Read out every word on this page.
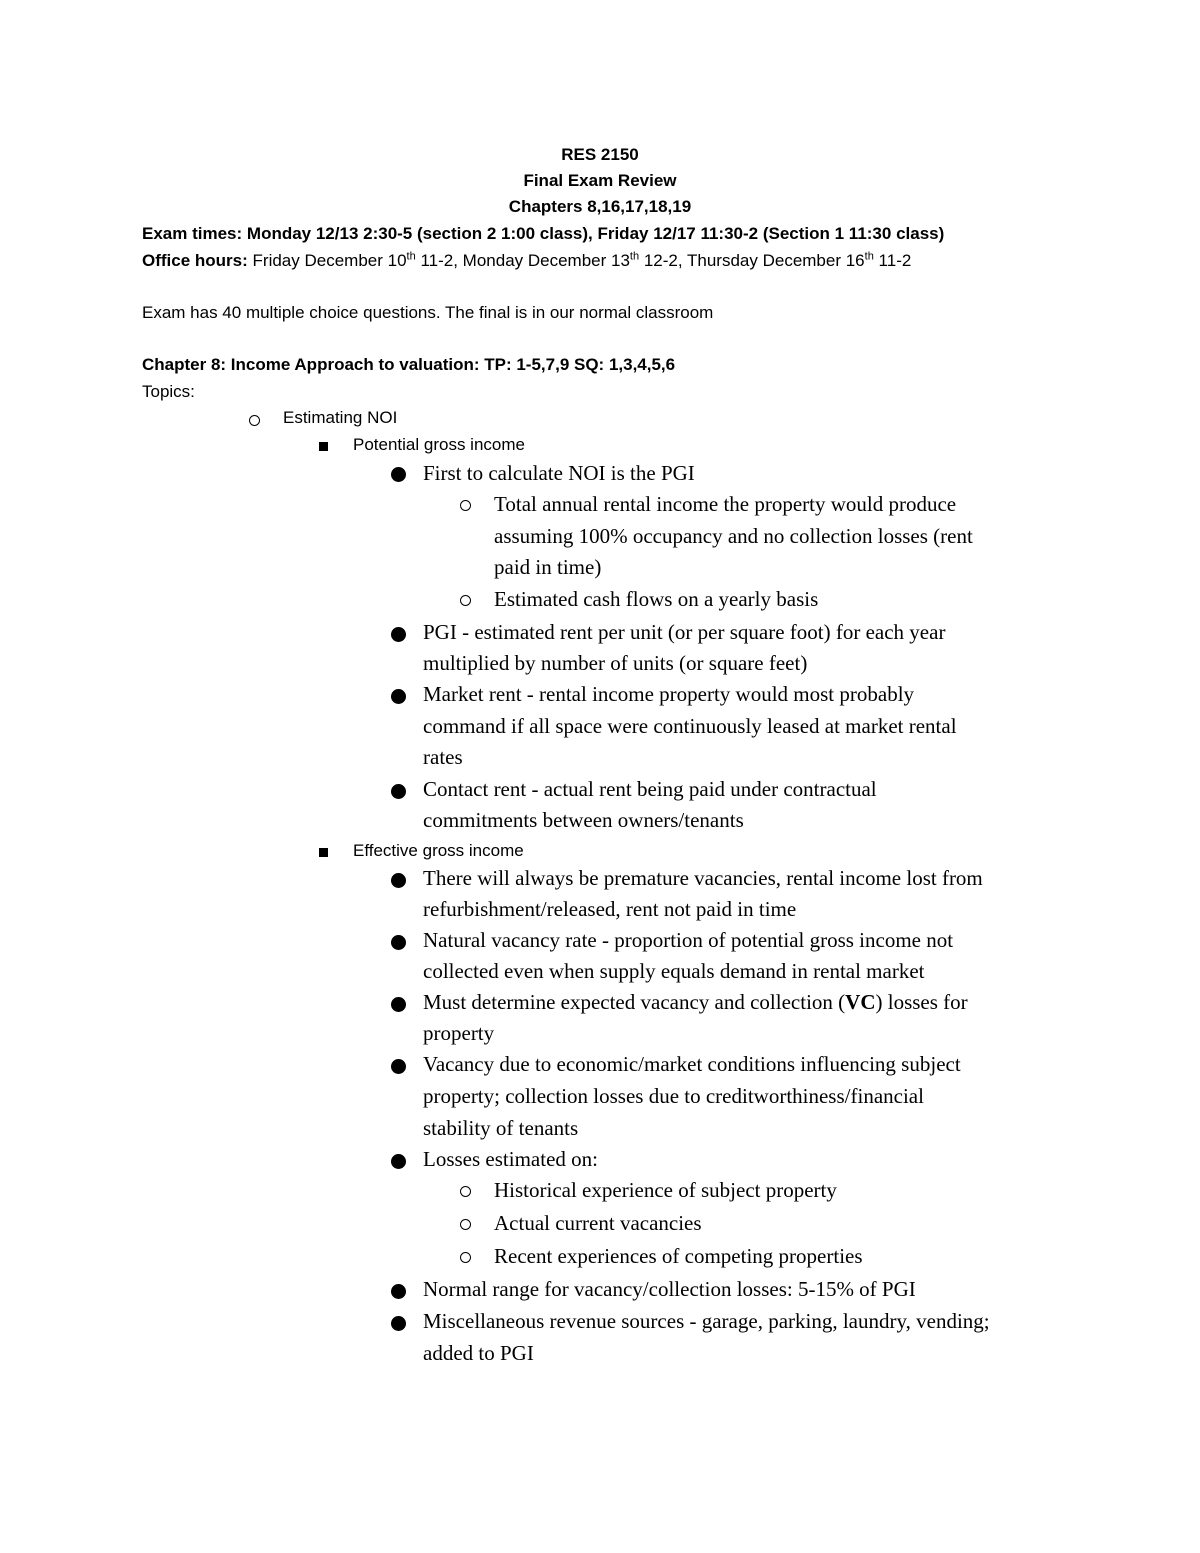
RES 2150
Final Exam Review
Chapters 8,16,17,18,19
Exam times: Monday 12/13 2:30-5 (section 2 1:00 class), Friday 12/17 11:30-2 (Section 1 11:30 class)
Office hours: Friday December 10th 11-2, Monday December 13th 12-2, Thursday December 16th 11-2
Exam has 40 multiple choice questions. The final is in our normal classroom
Chapter 8: Income Approach to valuation: TP: 1-5,7,9 SQ: 1,3,4,5,6
Topics:
Estimating NOI
Potential gross income
First to calculate NOI is the PGI
Total annual rental income the property would produce
assuming 100% occupancy and no collection losses (rent
paid in time)
Estimated cash flows on a yearly basis
PGI - estimated rent per unit (or per square foot) for each year
multiplied by number of units (or square feet)
Market rent - rental income property would most probably
command if all space were continuously leased at market rental
rates
Contact rent - actual rent being paid under contractual
commitments between owners/tenants
Effective gross income
There will always be premature vacancies, rental income lost from
refurbishment/released, rent not paid in time
Natural vacancy rate - proportion of potential gross income not
collected even when supply equals demand in rental market
Must determine expected vacancy and collection (VC) losses for
property
Vacancy due to economic/market conditions influencing subject
property; collection losses due to creditworthiness/financial
stability of tenants
Losses estimated on:
Historical experience of subject property
Actual current vacancies
Recent experiences of competing properties
Normal range for vacancy/collection losses: 5-15% of PGI
Miscellaneous revenue sources - garage, parking, laundry, vending;
added to PGI
